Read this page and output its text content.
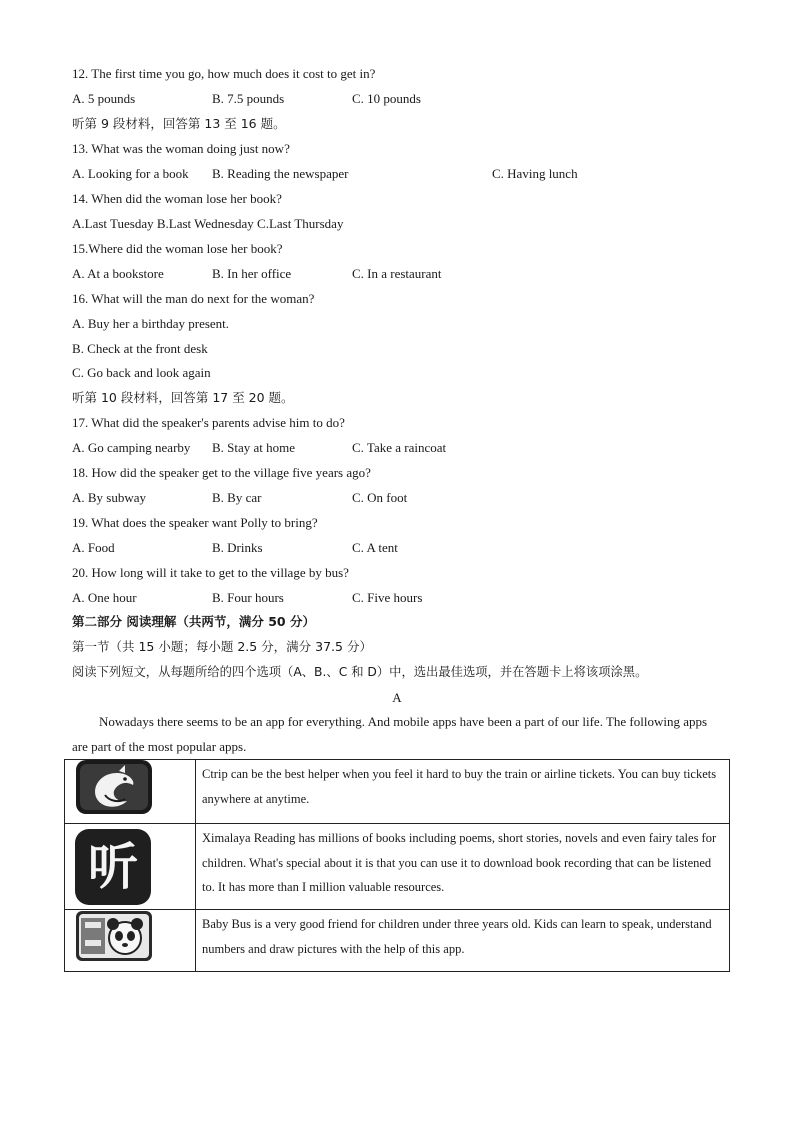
12. The first time you go, how much does it cost to get in?
A. 5 pounds	B. 7.5 pounds	C. 10 pounds
听第 9 段材料，回答第 13 至 16 题。
13. What was the woman doing just now?
A. Looking for a book B. Reading the newspaper	C. Having lunch
14. When did the woman lose her book?
A.Last Tuesday B.Last Wednesday C.Last Thursday
15.Where did the woman lose her book?
A. At a bookstore	B. In her office	C. In a restaurant
16. What will the man do next for the woman?
A. Buy her a birthday present.
B. Check at the front desk
C. Go back and look again
听第 10 段材料，回答第 17 至 20 题。
17. What did the speaker's parents advise him to do?
A. Go camping nearby B. Stay at home	C. Take a raincoat
18. How did the speaker get to the village five years ago?
A. By subway	B. By car	C. On foot
19. What does the speaker want Polly to bring?
A. Food	B. Drinks	C. A tent
20. How long will it take to get to the village by bus?
A. One hour	B. Four hours	C. Five hours
第二部分 阅读理解（共两节，满分 50 分）
第一节（共 15 小题；每小题 2.5 分，满分 37.5 分）
阅读下列短文，从每题所给的四个选项（A、B.、C 和 D）中，选出最佳选项，并在答题卡上将该项涂黑。
A
Nowadays there seems to be an app for everything. And mobile apps have been a part of our life. The following apps are part of the most popular apps.
	Ctrip can be the best helper when you feel it hard to buy the train or airline tickets. You can buy tickets anywhere at anytime.

听	Ximalaya Reading has millions of books including poems, short stories, novels and even fairy tales for children. What's special about it is that you can use it to download book recording that can be listened to. It has more than I million valuable resources.

	Baby Bus is a very good friend for children under three years old. Kids can learn to speak, understand numbers and draw pictures with the help of this app.
